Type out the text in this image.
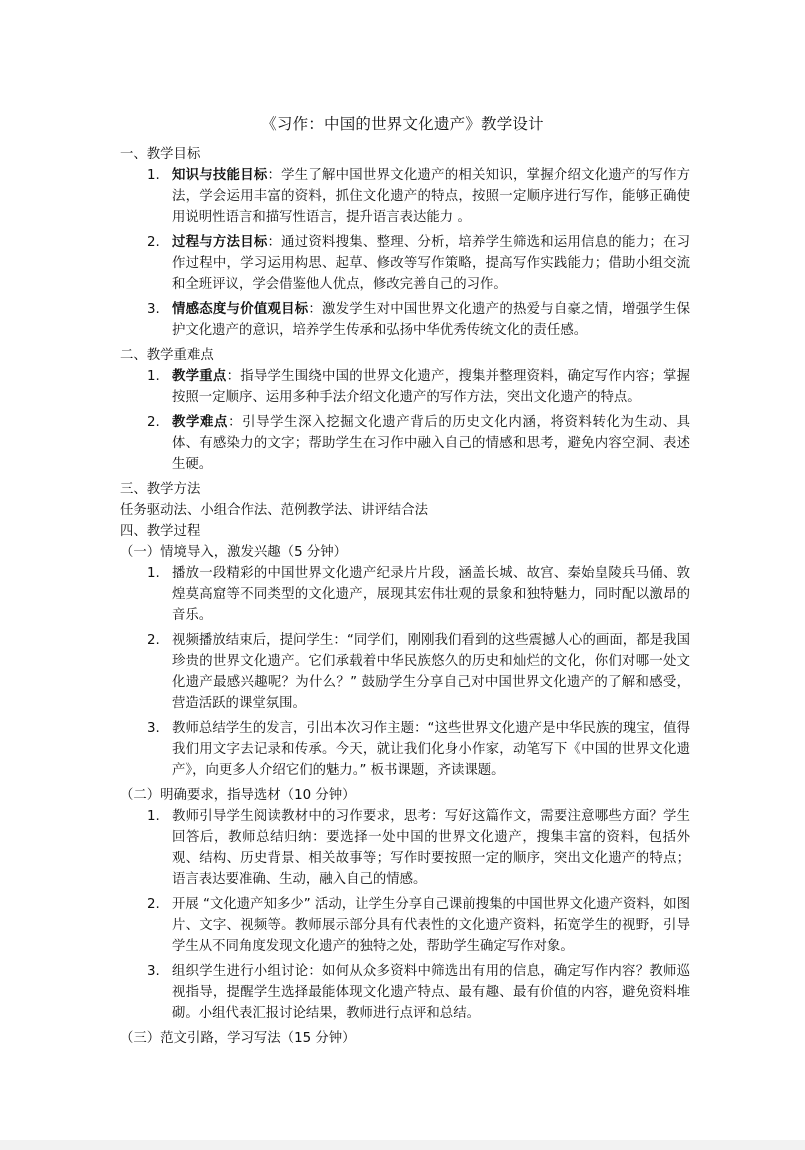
《习作：中国的世界文化遗产》教学设计
一、教学目标
1. 知识与技能目标：学生了解中国世界文化遗产的相关知识，掌握介绍文化遗产的写作方法，学会运用丰富的资料，抓住文化遗产的特点，按照一定顺序进行写作，能够正确使用说明性语言和描写性语言，提升语言表达能力 。
2. 过程与方法目标：通过资料搜集、整理、分析，培养学生筛选和运用信息的能力；在习作过程中，学习运用构思、起草、修改等写作策略，提高写作实践能力；借助小组交流和全班评议，学会借鉴他人优点，修改完善自己的习作。
3. 情感态度与价值观目标：激发学生对中国世界文化遗产的热爱与自豪之情，增强学生保护文化遗产的意识，培养学生传承和弘扬中华优秀传统文化的责任感。
二、教学重难点
1. 教学重点：指导学生围绕中国的世界文化遗产，搜集并整理资料，确定写作内容；掌握按照一定顺序、运用多种手法介绍文化遗产的写作方法，突出文化遗产的特点。
2. 教学难点：引导学生深入挖掘文化遗产背后的历史文化内涵，将资料转化为生动、具体、有感染力的文字；帮助学生在习作中融入自己的情感和思考，避免内容空洞、表述生硬。
三、教学方法
任务驱动法、小组合作法、范例教学法、讲评结合法
四、教学过程
（一）情境导入，激发兴趣（5 分钟）
1. 播放一段精彩的中国世界文化遗产纪录片片段，涵盖长城、故宫、秦始皇陵兵马俑、敦煌莫高窟等不同类型的文化遗产，展现其宏伟壮观的景象和独特魅力，同时配以激昂的音乐。
2. 视频播放结束后，提问学生：“同学们，刚刚我们看到的这些震撼人心的画面，都是我国珍贵的世界文化遗产。它们承载着中华民族悠久的历史和灿烂的文化，你们对哪一处文化遗产最感兴趣呢？为什么？” 鼓励学生分享自己对中国世界文化遗产的了解和感受，营造活跃的课堂氛围。
3. 教师总结学生的发言，引出本次习作主题：“这些世界文化遗产是中华民族的瑰宝，值得我们用文字去记录和传承。今天，就让我们化身小作家，动笔写下《中国的世界文化遗产》，向更多人介绍它们的魅力。” 板书课题，齐读课题。
（二）明确要求，指导选材（10 分钟）
1. 教师引导学生阅读教材中的习作要求，思考：写好这篇作文，需要注意哪些方面？学生回答后，教师总结归纳：要选择一处中国的世界文化遗产，搜集丰富的资料，包括外观、结构、历史背景、相关故事等；写作时要按照一定的顺序，突出文化遗产的特点；语言表达要准确、生动，融入自己的情感。
2. 开展 “文化遗产知多少” 活动，让学生分享自己课前搜集的中国世界文化遗产资料，如图片、文字、视频等。教师展示部分具有代表性的文化遗产资料，拓宽学生的视野，引导学生从不同角度发现文化遗产的独特之处，帮助学生确定写作对象。
3. 组织学生进行小组讨论：如何从众多资料中筛选出有用的信息，确定写作内容？教师巡视指导，提醒学生选择最能体现文化遗产特点、最有趣、最有价值的内容，避免资料堆砌。小组代表汇报讨论结果，教师进行点评和总结。
（三）范文引路，学习写法（15 分钟）
